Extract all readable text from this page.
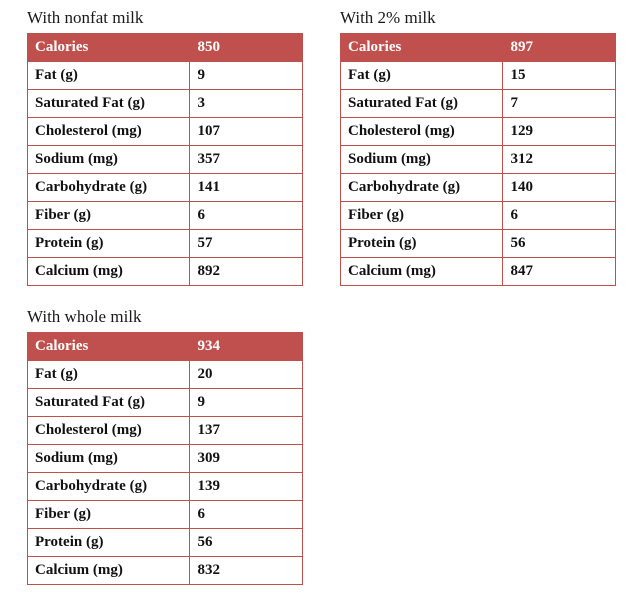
With nonfat milk
Calories	850
Fat (g)	9
Saturated Fat (g)	3
Cholesterol (mg)	107
Sodium (mg)	357
Carbohydrate (g)	141
Fiber (g)	6
Protein (g)	57
Calcium (mg)	892
With 2% milk
Calories	897
Fat (g)	15
Saturated Fat (g)	7
Cholesterol (mg)	129
Sodium (mg)	312
Carbohydrate (g)	140
Fiber (g)	6
Protein (g)	56
Calcium (mg)	847
With whole milk
Calories	934
Fat (g)	20
Saturated Fat (g)	9
Cholesterol (mg)	137
Sodium (mg)	309
Carbohydrate (g)	139
Fiber (g)	6
Protein (g)	56
Calcium (mg)	832
